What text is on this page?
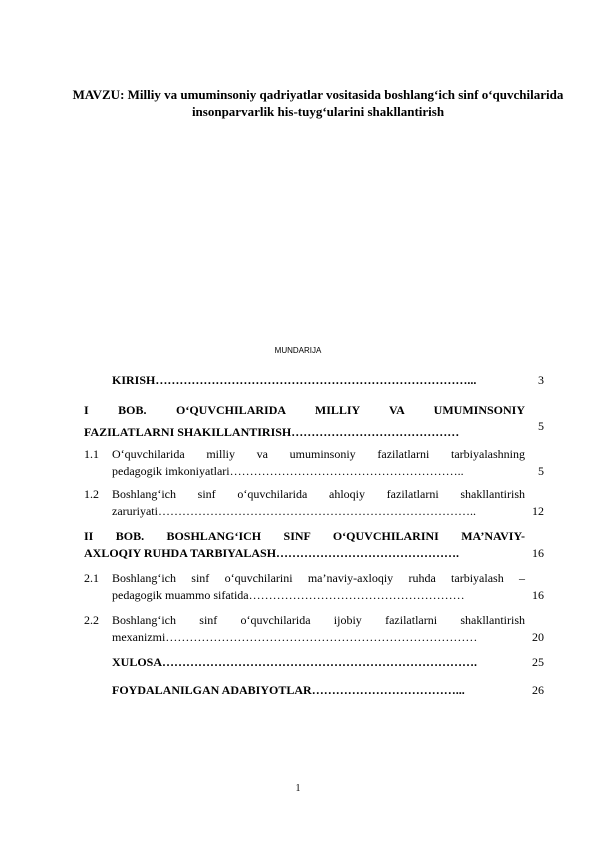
MAVZU: Milliy va umuminsoniy qadriyatlar vositasida boshlang‘ich sinf o‘quvchilarida insonparvarlik his-tuyg‘ularini shakllantirish
MUNDARIJA
KIRISH……………………………………………………………………...	3
I BOB. O‘QUVCHILARIDA MILLIY VA UMUMINSONIY
FAZILATLARNI SHAKILLANTIRISH……………………………………	5
1.1 O‘quvchilarida milliy va umuminsoniy fazilatlarni tarbiyalashning
pedagogik imkoniyatlari…………………………………………………..	5
1.2 Boshlang‘ich sinf o‘quvchilarida ahloqiy fazilatlarni shakllantirish
zaruriyati……………………………………………………………………..	12
II BOB. BOSHLANG‘ICH SINF O‘QUVCHILARINI MA’NAVIY-
AXLOQIY RUHDA TARBIYALASH……………………………………….	16
2.1 Boshlang‘ich sinf o‘quvchilarini ma’naviy-axloqiy ruhda tarbiyalash –
pedagogik muammo sifatida………………………………………………	16
2.2 Boshlang‘ich sinf o‘quvchilarida ijobiy fazilatlarni shakllantirish
mexanizmi……………………………………………………………………	20
XULOSA…………………………………………………………………….	25
FOYDALANILGAN ADABIYOTLAR………………………………...	26
1
